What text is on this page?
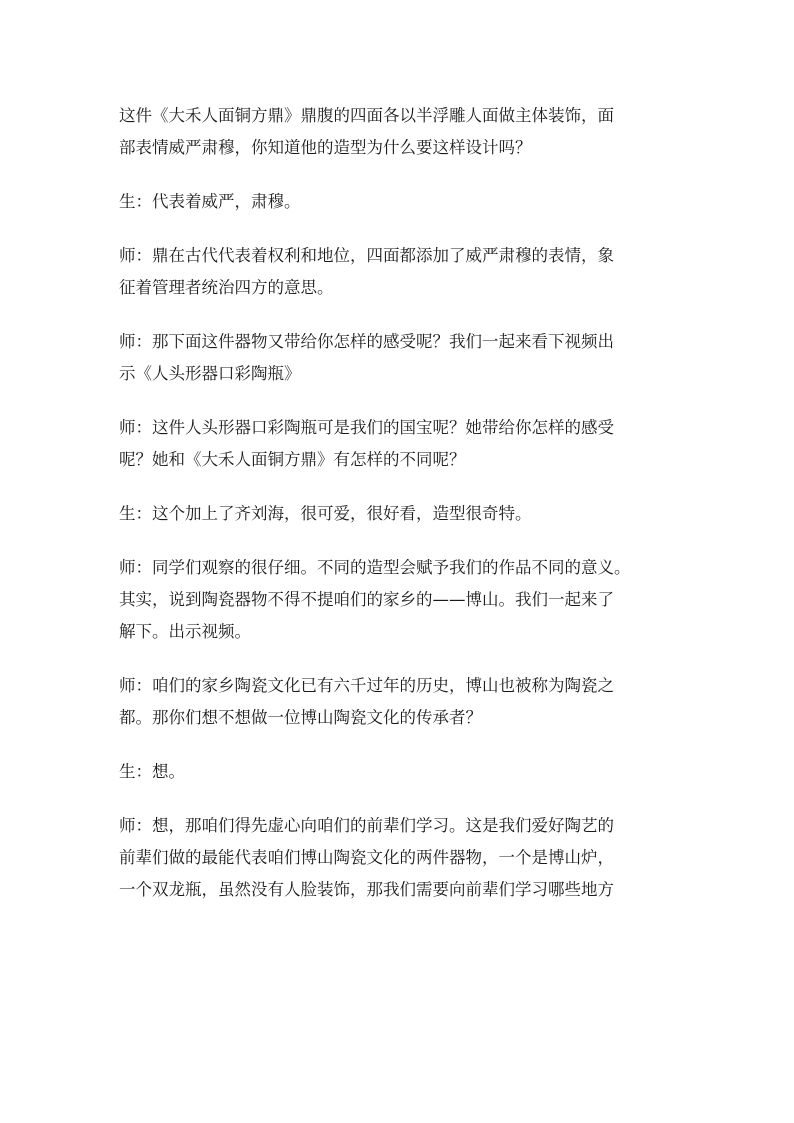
这件《大禾人面铜方鼎》鼎腹的四面各以半浮雕人面做主体装饰，面
部表情威严肃穆，你知道他的造型为什么要这样设计吗？

生：代表着威严，肃穆。

师：鼎在古代代表着权利和地位，四面都添加了威严肃穆的表情，象
征着管理者统治四方的意思。

师：那下面这件器物又带给你怎样的感受呢？我们一起来看下视频出
示《人头形器口彩陶瓶》

师：这件人头形器口彩陶瓶可是我们的国宝呢？她带给你怎样的感受
呢？她和《大禾人面铜方鼎》有怎样的不同呢？

生：这个加上了齐刘海，很可爱，很好看，造型很奇特。

师：同学们观察的很仔细。不同的造型会赋予我们的作品不同的意义。
其实，说到陶瓷器物不得不提咱们的家乡的——博山。我们一起来了
解下。出示视频。

师：咱们的家乡陶瓷文化已有六千过年的历史，博山也被称为陶瓷之
都。那你们想不想做一位博山陶瓷文化的传承者？

生：想。

师：想，那咱们得先虚心向咱们的前辈们学习。这是我们爱好陶艺的
前辈们做的最能代表咱们博山陶瓷文化的两件器物，一个是博山炉，
一个双龙瓶，虽然没有人脸装饰，那我们需要向前辈们学习哪些地方
